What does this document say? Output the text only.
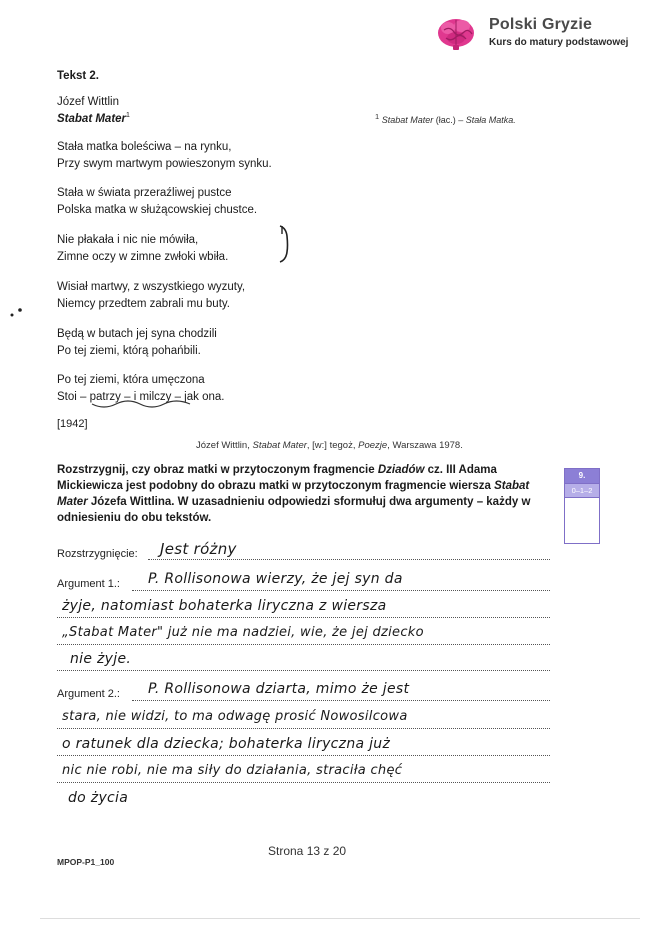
Polski Gryzie
Kurs do matury podstawowej
Tekst 2.
Józef Wittlin
Stabat Mater$^1$	$^1$ Stabat Mater (łac.) – Stała Matka.
Stała matka boleściwa – na rynku,
Przy swym martwym powieszonym synku.
Stała w świata przeraźliwej pustce
Polska matka w służącowskiej chustce.
Nie płakała i nic nie mówiła,
Zimne oczy w zimne zwłoki wbiła.
Wisiał martwy, z wszystkiego wyzuty,
Niemcy przedtem zabrali mu buty.
Będą w butach jej syna chodzili
Po tej ziemi, którą pohańbili.
Po tej ziemi, która umęczona
Stoi – patrzy – i milczy – jak ona.
[1942]
Józef Wittlin, Stabat Mater, [w:] tegoż, Poezje, Warszawa 1978.
Rozstrzygnij, czy obraz matki w przytoczonym fragmencie Dziadów cz. III Adama Mickiewicza jest podobny do obrazu matki w przytoczonym fragmencie wiersza Stabat Mater Józefa Wittlina. W uzasadnieniu odpowiedzi sformułuj dwa argumenty – każdy w odniesieniu do obu tekstów.
9.
0–1–2
Rozstrzygnięcie: Jest różny
Argument 1.: P. Rollisonowa wierzy, że jej syn da
żyje, natomiast bohaterka liryczna z wiersza
„Stabat Mater" już nie ma nadziei, wie, że jej dziecko
nie żyje.
Argument 2.: P. Rollisonowa dziarta, mimo że jest
stara, nie widzi, to ma odwagę prosić Nowosilcowa
o ratunek dla dziecka; bohaterka liryczna już
nic nie robi, nie ma siły do działania, straciła chęć
do życia
Strona 13 z 20
MPOP-P1_100
